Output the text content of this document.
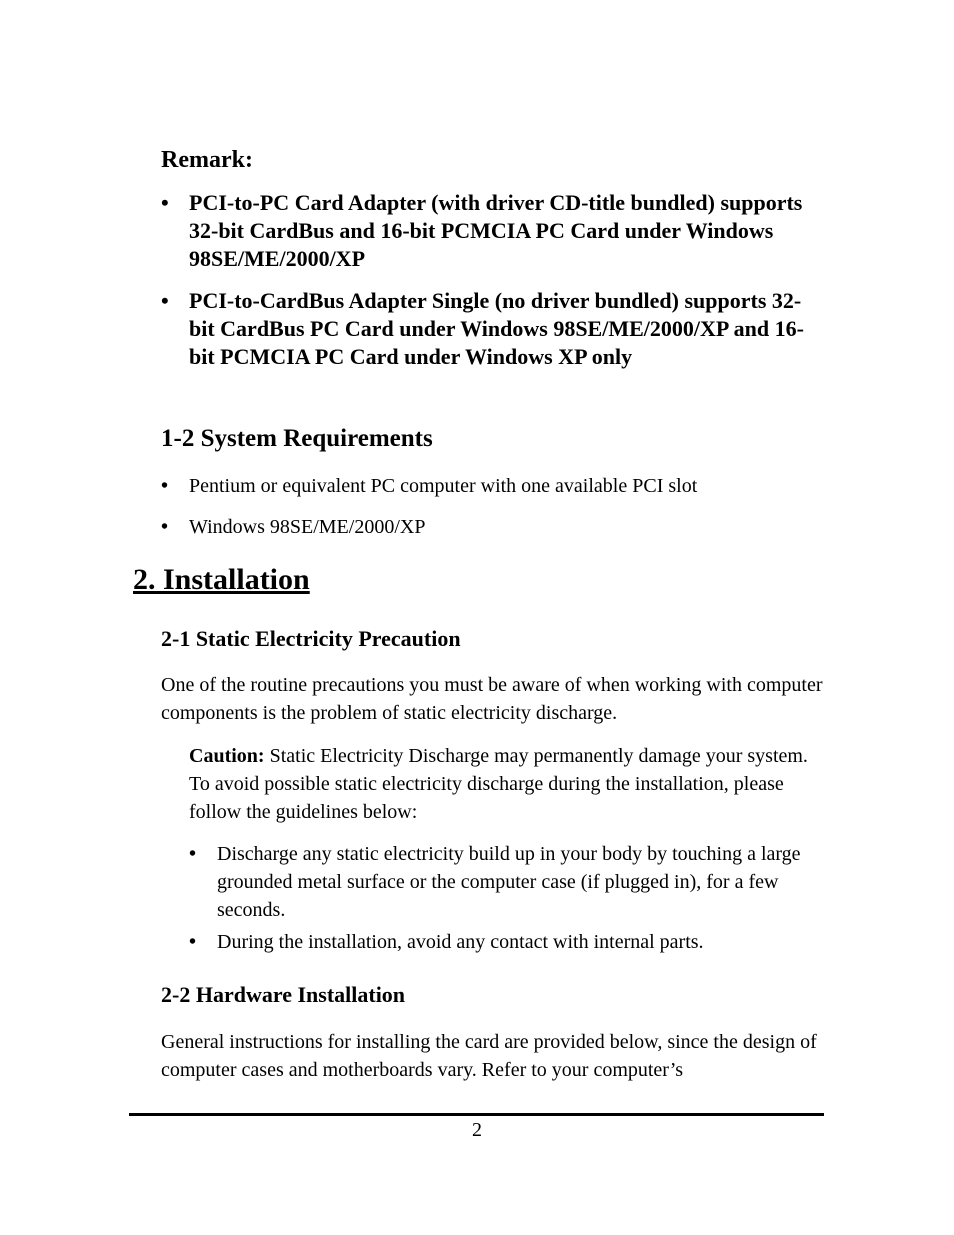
Remark:
• PCI-to-PC Card Adapter (with driver CD-title bundled) supports 32-bit CardBus and 16-bit PCMCIA PC Card under Windows 98SE/ME/2000/XP
• PCI-to-CardBus Adapter Single (no driver bundled) supports 32-bit CardBus PC Card under Windows 98SE/ME/2000/XP and 16-bit PCMCIA PC Card under Windows XP only
1-2 System Requirements
• Pentium or equivalent PC computer with one available PCI slot
• Windows 98SE/ME/2000/XP
2. Installation
2-1 Static Electricity Precaution

One of the routine precautions you must be aware of when working with computer components is the problem of static electricity discharge.

Caution: Static Electricity Discharge may permanently damage your system. To avoid possible static electricity discharge during the installation, please follow the guidelines below:

• Discharge any static electricity build up in your body by touching a large grounded metal surface or the computer case (if plugged in), for a few seconds.
• During the installation, avoid any contact with internal parts.
2-2 Hardware Installation

General instructions for installing the card are provided below, since the design of computer cases and motherboards vary. Refer to your computer’s

2
